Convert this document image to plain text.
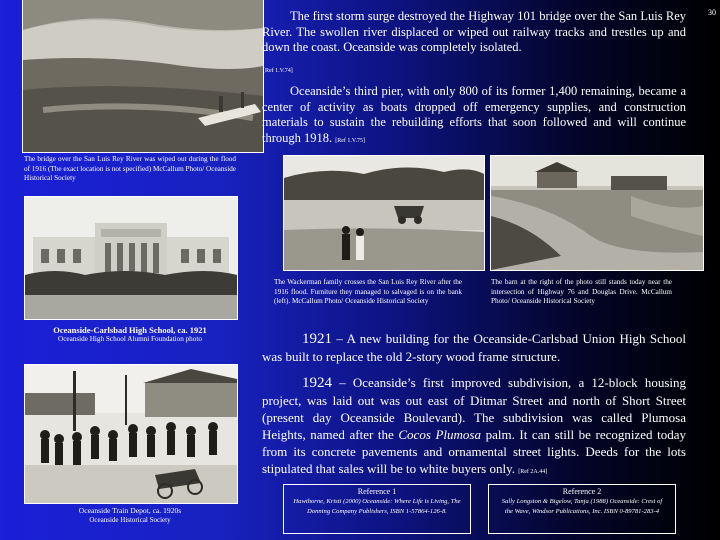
30
The first storm surge destroyed the Highway 101 bridge over the San Luis Rey River. The swollen river displaced or wiped out railway tracks and trestles up and down the coast. Oceanside was completely isolated.
[Ref 1.V.74]
Oceanside’s third pier, with only 800 of its former 1,400 remaining, became a center of activity as boats dropped off emergency supplies, and construction materials to sustain the rebuilding efforts that soon followed and will continue through 1918. [Ref 1.V.75]
The bridge over the San Luis Rey River was wiped out during the flood of 1916 (The exact location is not specified) McCallum Photo/ Oceanside Historical Society
The Wackerman family crosses the San Luis Rey River after the 1916 flood. Furniture they managed to salvaged is on the bank (left). McCallum Photo/ Oceanside Historical Society
The barn at the right of the photo still stands today near the intersection of Highway 76 and Douglas Drive. McCallum Photo/ Oceanside Historical Society
Oceanside-Carlsbad High School, ca. 1921
Oceanside High School Alumni Foundation photo	1921 – A new building for the Oceanside-Carlsbad Union High School was built to replace the old 2-story wood frame structure.
1924 – Oceanside’s first improved subdivision, a 12-block housing project, was laid out was out east of Ditmar Street and north of Short Street (present day Oceanside Boulevard). The subdivision was called Plumosa Heights, named after the Cocos Plumosa palm. It can still be recognized today from its concrete pavements and ornamental street lights. Deeds for the lots stipulated that sales will be to white buyers only. [Ref 2A.44]
Oceanside Train Depot, ca. 1920s
Oceanside Historical Society
Reference 1
Hawthorne, Kristi (2000) Oceanside: Where Life is Living, The Donning Company Publishers, ISBN 1-57864-126-8.
Reference 2
Sally Longston & Bigelow, Tanja (1988) Oceanside: Crest of the Wave, Windsor Publications, Inc. ISBN 0-89781-283-4
